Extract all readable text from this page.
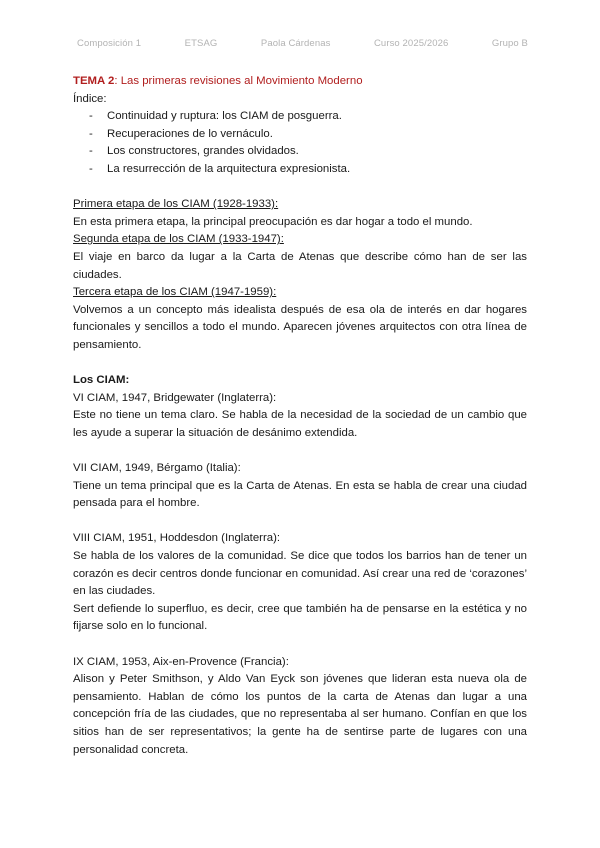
Composición 1	ETSAG	Paola Cárdenas	Curso 2025/2026	Grupo B

TEMA 2: Las primeras revisiones al Movimiento Moderno

Índice:

- Continuidad y ruptura: los CIAM de posguerra.
- Recuperaciones de lo vernáculo.
- Los constructores, grandes olvidados.
- La resurrección de la arquitectura expresionista.

Primera etapa de los CIAM (1928-1933):

En esta primera etapa, la principal preocupación es dar hogar a todo el mundo.

Segunda etapa de los CIAM (1933-1947):

El viaje en barco da lugar a la Carta de Atenas que describe cómo han de ser las ciudades.

Tercera etapa de los CIAM (1947-1959):

Volvemos a un concepto más idealista después de esa ola de interés en dar hogares funcionales y sencillos a todo el mundo. Aparecen jóvenes arquitectos con otra línea de pensamiento.

Los CIAM:

VI CIAM, 1947, Bridgewater (Inglaterra):

Este no tiene un tema claro. Se habla de la necesidad de la sociedad de un cambio que les ayude a superar la situación de desánimo extendida.

VII CIAM, 1949, Bérgamo (Italia):

Tiene un tema principal que es la Carta de Atenas. En esta se habla de crear una ciudad pensada para el hombre.

VIII CIAM, 1951, Hoddesdon (Inglaterra):

Se habla de los valores de la comunidad. Se dice que todos los barrios han de tener un corazón es decir centros donde funcionar en comunidad. Así crear una red de ‘corazones’ en las ciudades.

Sert defiende lo superfluo, es decir, cree que también ha de pensarse en la estética y no fijarse solo en lo funcional.

IX CIAM, 1953, Aix-en-Provence (Francia):

Alison y Peter Smithson, y Aldo Van Eyck son jóvenes que lideran esta nueva ola de pensamiento. Hablan de cómo los puntos de la carta de Atenas dan lugar a una concepción fría de las ciudades, que no representaba al ser humano. Confían en que los sitios han de ser representativos; la gente ha de sentirse parte de lugares con una personalidad concreta.
